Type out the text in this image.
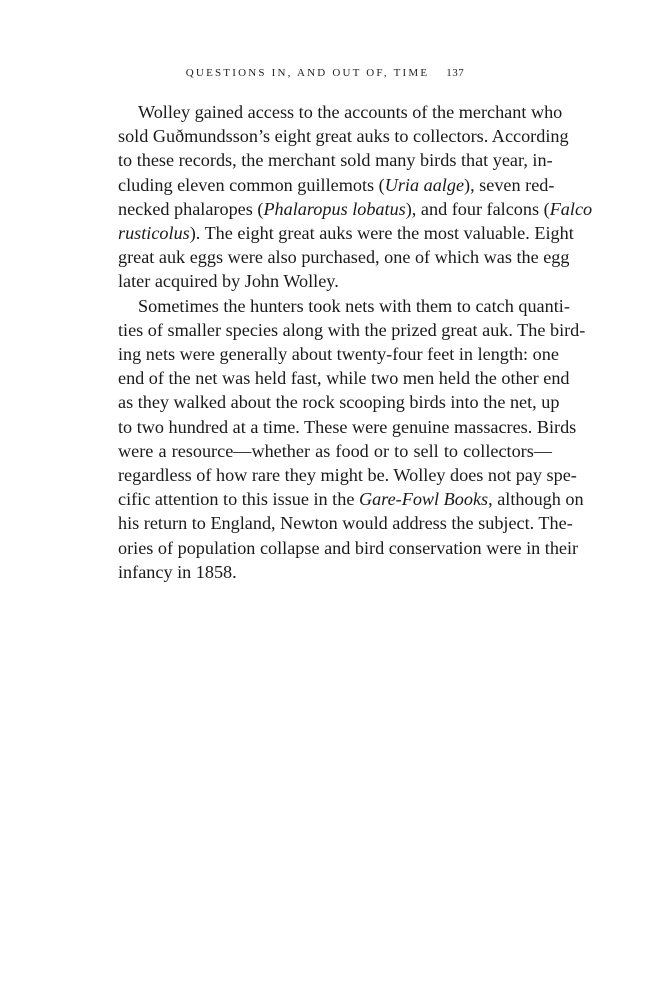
QUESTIONS IN, AND OUT OF, TIME 137

Wolley gained access to the accounts of the merchant who
sold Guðmundsson’s eight great auks to collectors. According
to these records, the merchant sold many birds that year, in-
cluding eleven common guillemots (Uria aalge), seven red-
necked phalaropes (Phalaropus lobatus), and four falcons (Falco
rusticolus). The eight great auks were the most valuable. Eight
great auk eggs were also purchased, one of which was the egg
later acquired by John Wolley.

Sometimes the hunters took nets with them to catch quanti-
ties of smaller species along with the prized great auk. The bird-
ing nets were generally about twenty-four feet in length: one
end of the net was held fast, while two men held the other end
as they walked about the rock scooping birds into the net, up
to two hundred at a time. These were genuine massacres. Birds
were a resource—whether as food or to sell to collectors—
regardless of how rare they might be. Wolley does not pay spe-
cific attention to this issue in the Gare-Fowl Books, although on
his return to England, Newton would address the subject. The-
ories of population collapse and bird conservation were in their
infancy in 1858.
